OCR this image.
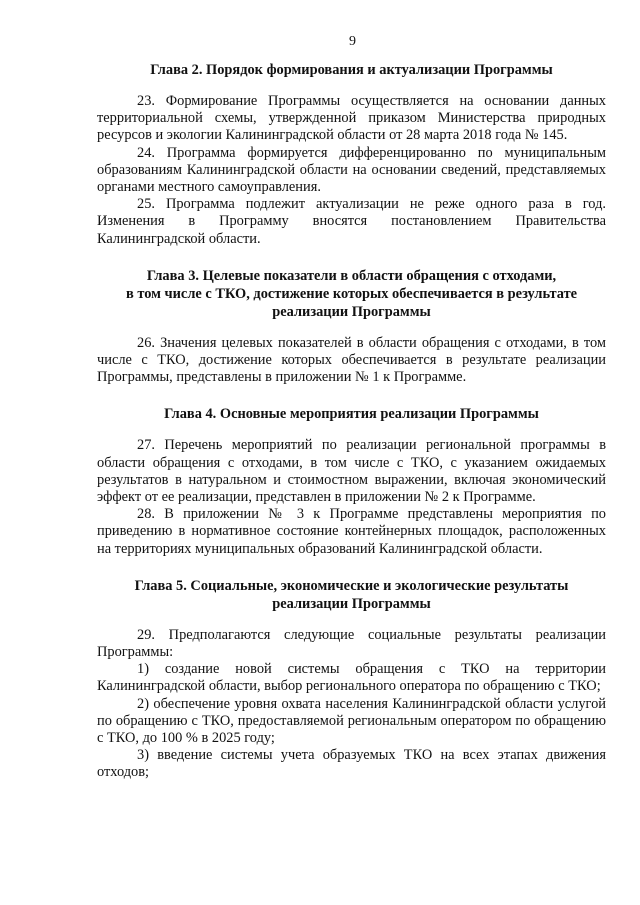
9
Глава 2. Порядок формирования и актуализации Программы

23. Формирование Программы осуществляется на основании данных территориальной схемы, утвержденной приказом Министерства природных ресурсов и экологии Калининградской области от 28 марта 2018 года № 145.

24. Программа формируется дифференцированно по муниципальным образованиям Калининградской области на основании сведений, представляемых органами местного самоуправления.

25. Программа подлежит актуализации не реже одного раза в год. Изменения в Программу вносятся постановлением Правительства Калининградской области.

Глава 3. Целевые показатели в области обращения с отходами,
в том числе с ТКО, достижение которых обеспечивается в результате
реализации Программы

26. Значения целевых показателей в области обращения с отходами, в том числе с ТКО, достижение которых обеспечивается в результате реализации Программы, представлены в приложении № 1 к Программе.

Глава 4. Основные мероприятия реализации Программы

27. Перечень мероприятий по реализации региональной программы в области обращения с отходами, в том числе с ТКО, с указанием ожидаемых результатов в натуральном и стоимостном выражении, включая экономический эффект от ее реализации, представлен в приложении № 2 к Программе.

28. В приложении № 3 к Программе представлены мероприятия по приведению в нормативное состояние контейнерных площадок, расположенных на территориях муниципальных образований Калининградской области.

Глава 5. Социальные, экономические и экологические результаты
реализации Программы

29. Предполагаются следующие социальные результаты реализации Программы:

1) создание новой системы обращения с ТКО на территории Калининградской области, выбор регионального оператора по обращению с ТКО;

2) обеспечение уровня охвата населения Калининградской области услугой по обращению с ТКО, предоставляемой региональным оператором по обращению с ТКО, до 100 % в 2025 году;

3) введение системы учета образуемых ТКО на всех этапах движения отходов;
